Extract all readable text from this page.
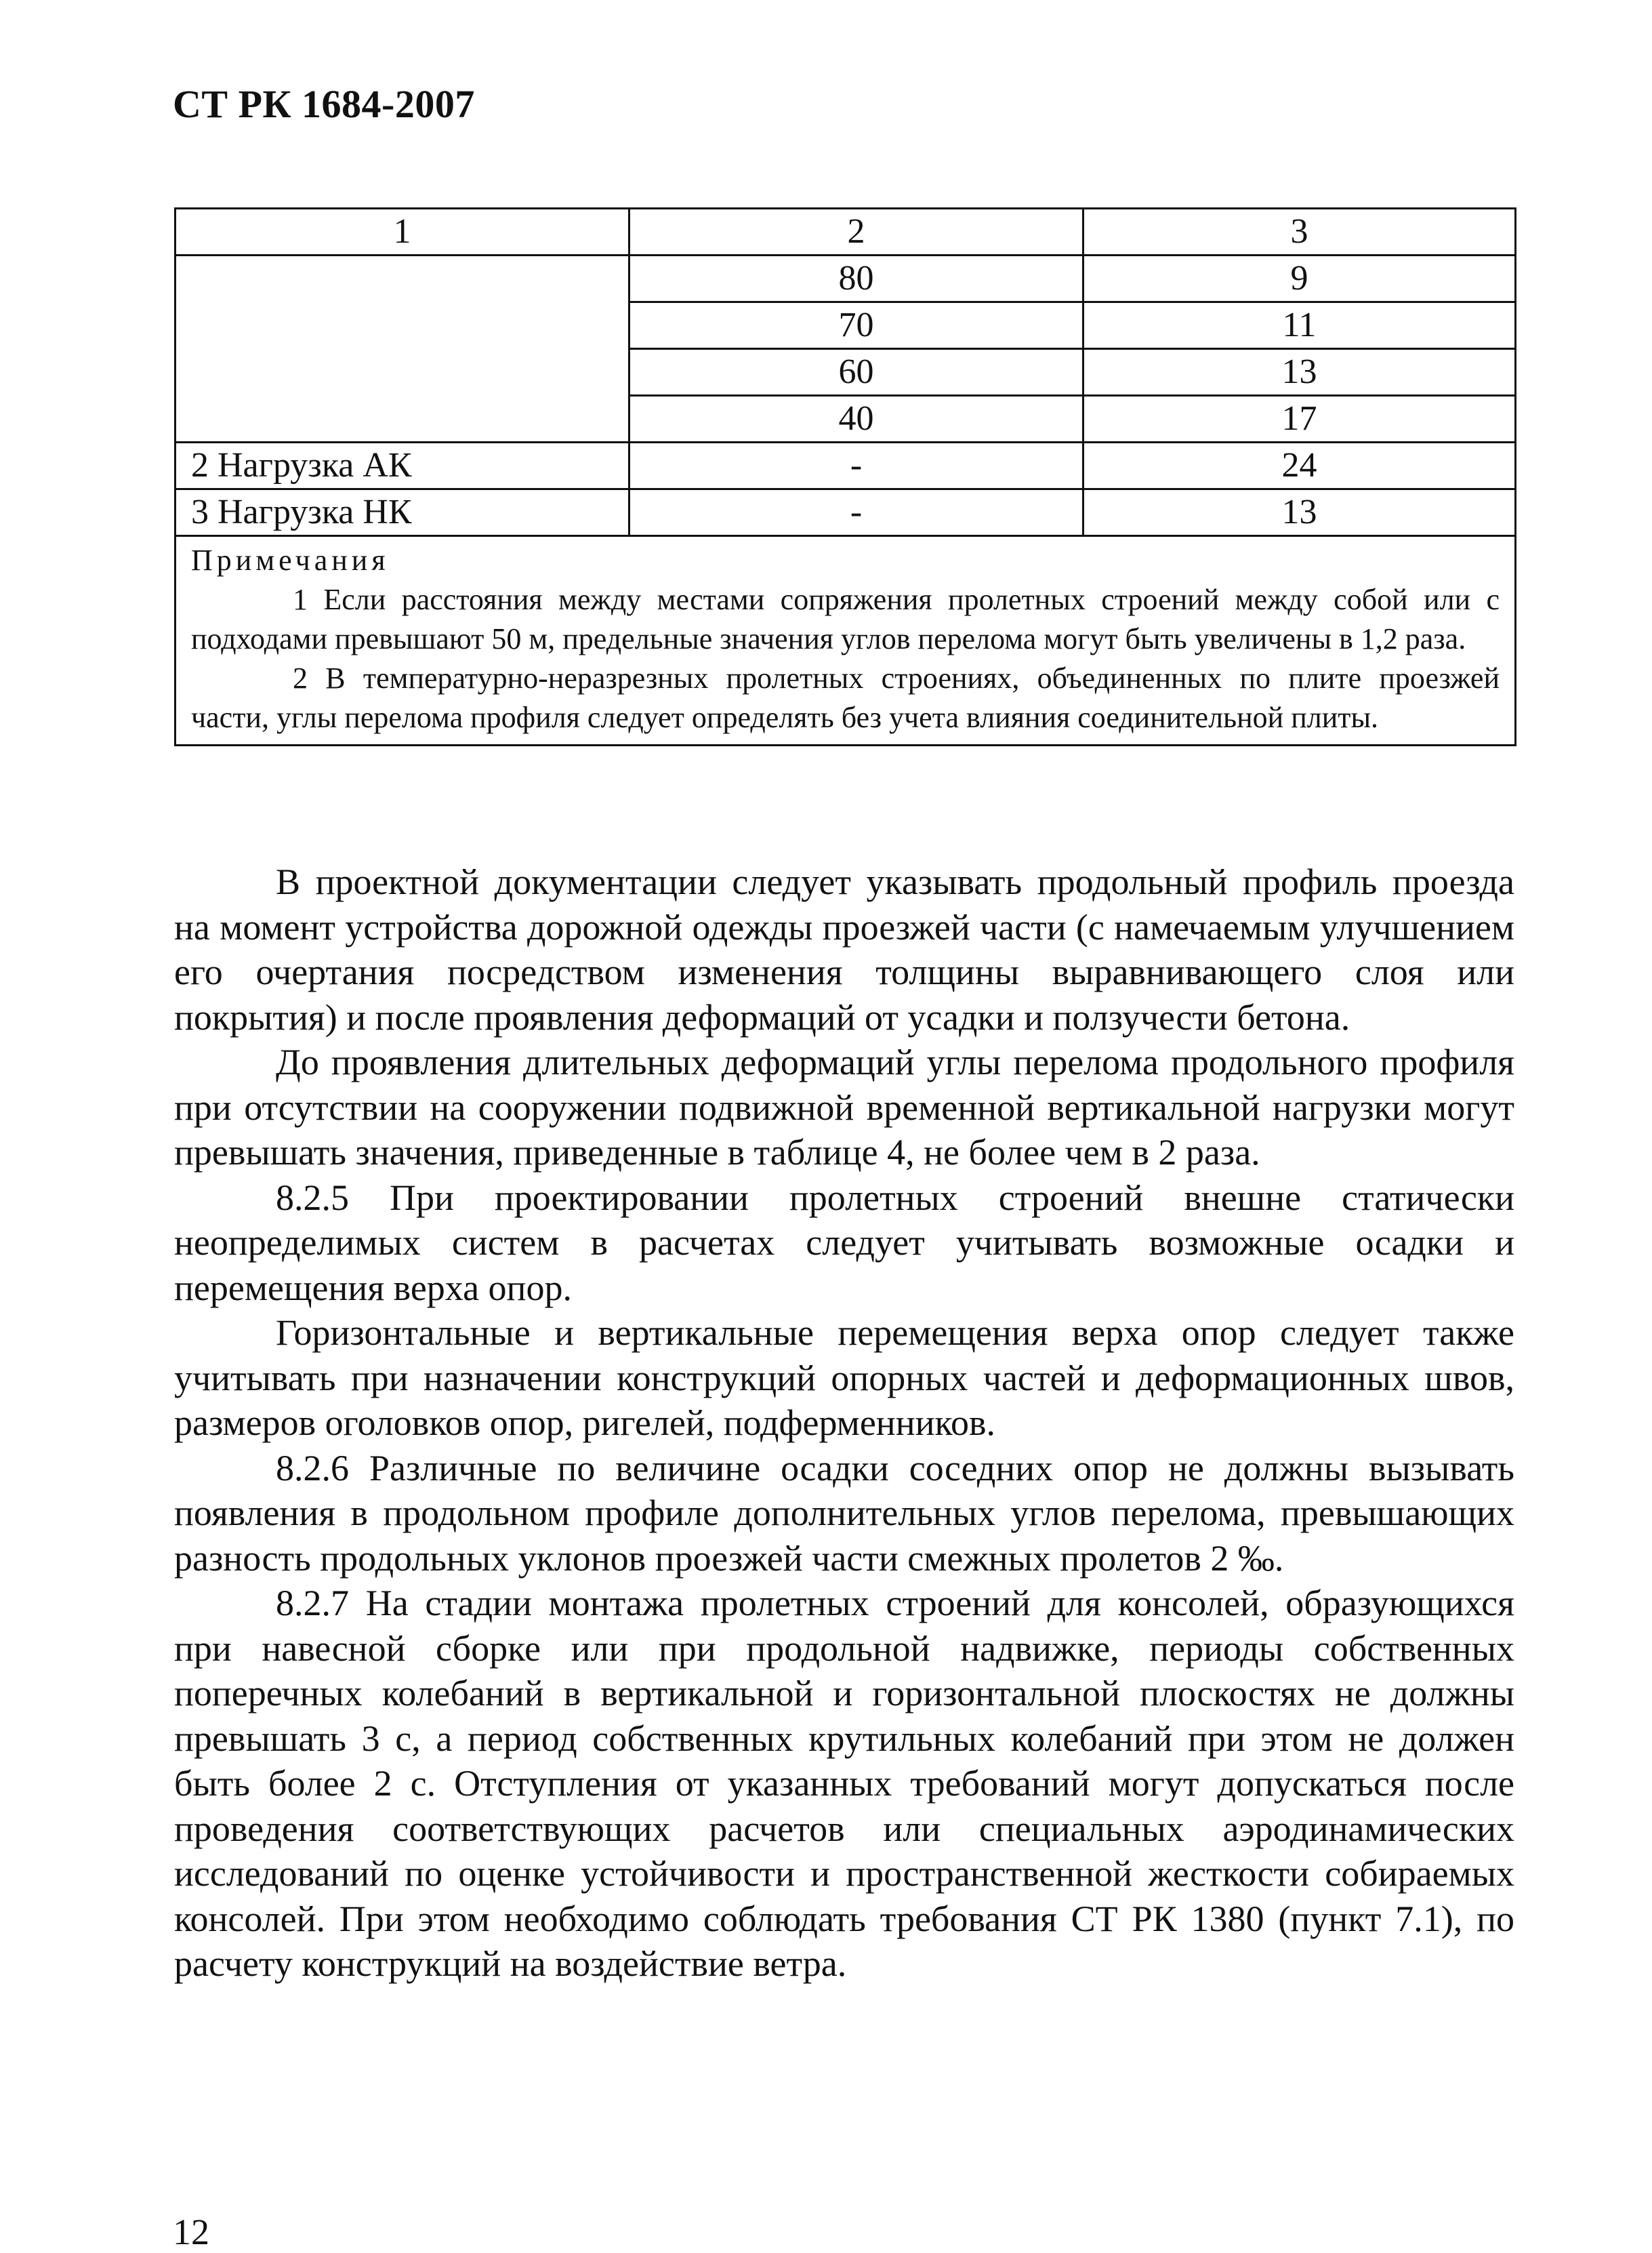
СТ РК 1684-2007
1	2	3
	80	9
	70	11
	60	13
	40	17
2 Нагрузка АК	-	24
3 Нагрузка НК	-	13

Примечания

1 Если расстояния между местами сопряжения пролетных строений между собой или с подходами превышают 50 м, предельные значения углов перелома могут быть увеличены в 1,2 раза.

2 В температурно-неразрезных пролетных строениях, объединенных по плите проезжей части, углы перелома профиля следует определять без учета влияния соединительной плиты.		

В проектной документации следует указывать продольный профиль проезда на момент устройства дорожной одежды проезжей части (с намечаемым улучшением его очертания посредством изменения толщины выравнивающего слоя или покрытия) и после проявления деформаций от усадки и ползучести бетона.

До проявления длительных деформаций углы перелома продольного профиля при отсутствии на сооружении подвижной временной вертикальной нагрузки могут превышать значения, приведенные в таблице 4, не более чем в 2 раза.

8.2.5 При проектировании пролетных строений внешне статически неопределимых систем в расчетах следует учитывать возможные осадки и перемещения верха опор.

Горизонтальные и вертикальные перемещения верха опор следует также учитывать при назначении конструкций опорных частей и деформационных швов, размеров оголовков опор, ригелей, подферменников.

8.2.6 Различные по величине осадки соседних опор не должны вызывать появления в продольном профиле дополнительных углов перелома, превышающих разность продольных уклонов проезжей части смежных пролетов 2 ‰.

8.2.7 На стадии монтажа пролетных строений для консолей, образующихся при навесной сборке или при продольной надвижке, периоды собственных поперечных колебаний в вертикальной и горизонтальной плоскостях не должны превышать 3 с, а период собственных крутильных колебаний при этом не должен быть более 2 с. Отступления от указанных требований могут допускаться после проведения соответствующих расчетов или специальных аэродинамических исследований по оценке устойчивости и пространственной жесткости собираемых консолей. При этом необходимо соблюдать требования СТ РК 1380 (пункт 7.1), по расчету конструкций на воздействие ветра.

12
